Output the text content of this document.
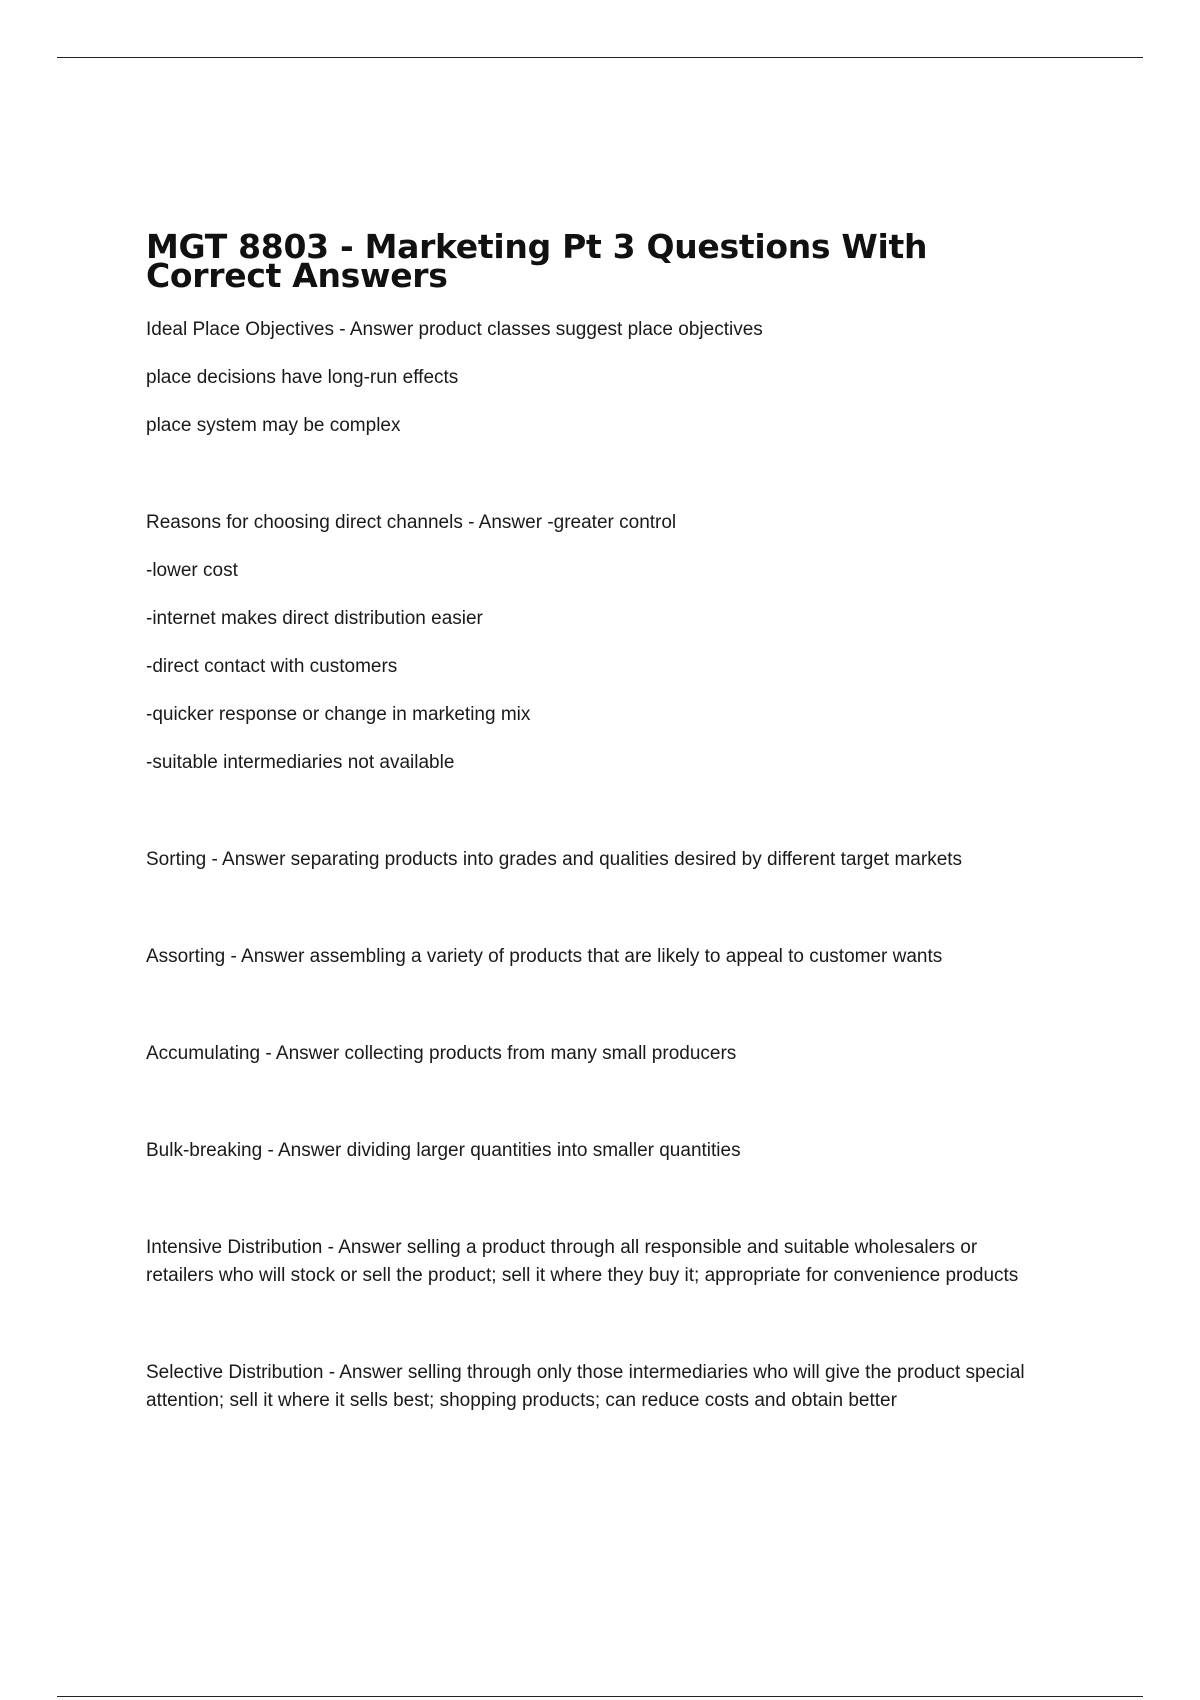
MGT 8803 - Marketing Pt 3 Questions With Correct Answers

Ideal Place Objectives - Answer product classes suggest place objectives

place decisions have long-run effects

place system may be complex

Reasons for choosing direct channels - Answer -greater control

-lower cost

-internet makes direct distribution easier

-direct contact with customers

-quicker response or change in marketing mix

-suitable intermediaries not available

Sorting - Answer separating products into grades and qualities desired by different target markets

Assorting - Answer assembling a variety of products that are likely to appeal to customer wants

Accumulating - Answer collecting products from many small producers

Bulk-breaking - Answer dividing larger quantities into smaller quantities

Intensive Distribution - Answer selling a product through all responsible and suitable wholesalers or retailers who will stock or sell the product; sell it where they buy it; appropriate for convenience products

Selective Distribution - Answer selling through only those intermediaries who will give the product special attention; sell it where it sells best; shopping products; can reduce costs and obtain better
